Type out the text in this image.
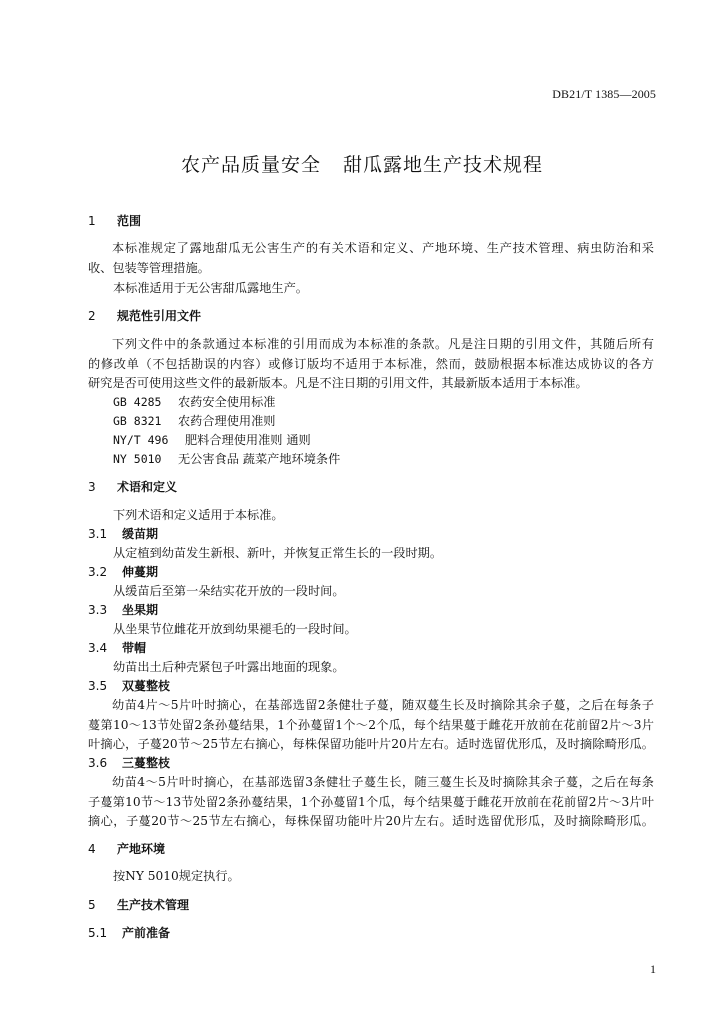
DB21/T 1385—2005
农产品质量安全 甜瓜露地生产技术规程
1 范围
本标准规定了露地甜瓜无公害生产的有关术语和定义、产地环境、生产技术管理、病虫防治和采
收、包装等管理措施。
本标准适用于无公害甜瓜露地生产。
2 规范性引用文件
下列文件中的条款通过本标准的引用而成为本标准的条款。凡是注日期的引用文件，其随后所有
的修改单（不包括勘误的内容）或修订版均不适用于本标准，然而，鼓励根据本标准达成协议的各方
研究是否可使用这些文件的最新版本。凡是不注日期的引用文件，其最新版本适用于本标准。
GB 4285 农药安全使用标准
GB 8321 农药合理使用准则
NY/T 496 肥料合理使用准则 通则
NY 5010 无公害食品 蔬菜产地环境条件
3 术语和定义
下列术语和定义适用于本标准。
3.1 缓苗期
从定植到幼苗发生新根、新叶，并恢复正常生长的一段时期。
3.2 伸蔓期
从缓苗后至第一朵结实花开放的一段时间。
3.3 坐果期
从坐果节位雌花开放到幼果褪毛的一段时间。
3.4 带帽
幼苗出土后种壳紧包子叶露出地面的现象。
3.5 双蔓整枝
幼苗4片～5片叶时摘心，在基部选留2条健壮子蔓，随双蔓生长及时摘除其余子蔓，之后在每条子
蔓第10～13节处留2条孙蔓结果，1个孙蔓留1个～2个瓜，每个结果蔓于雌花开放前在花前留2片～3片
叶摘心，子蔓20节～25节左右摘心，每株保留功能叶片20片左右。适时选留优形瓜，及时摘除畸形瓜。
3.6 三蔓整枝
幼苗4～5片叶时摘心，在基部选留3条健壮子蔓生长，随三蔓生长及时摘除其余子蔓，之后在每条
子蔓第10节～13节处留2条孙蔓结果，1个孙蔓留1个瓜，每个结果蔓于雌花开放前在花前留2片～3片叶
摘心，子蔓20节～25节左右摘心，每株保留功能叶片20片左右。适时选留优形瓜，及时摘除畸形瓜。
4 产地环境
按NY 5010规定执行。
5 生产技术管理
5.1 产前准备
1
